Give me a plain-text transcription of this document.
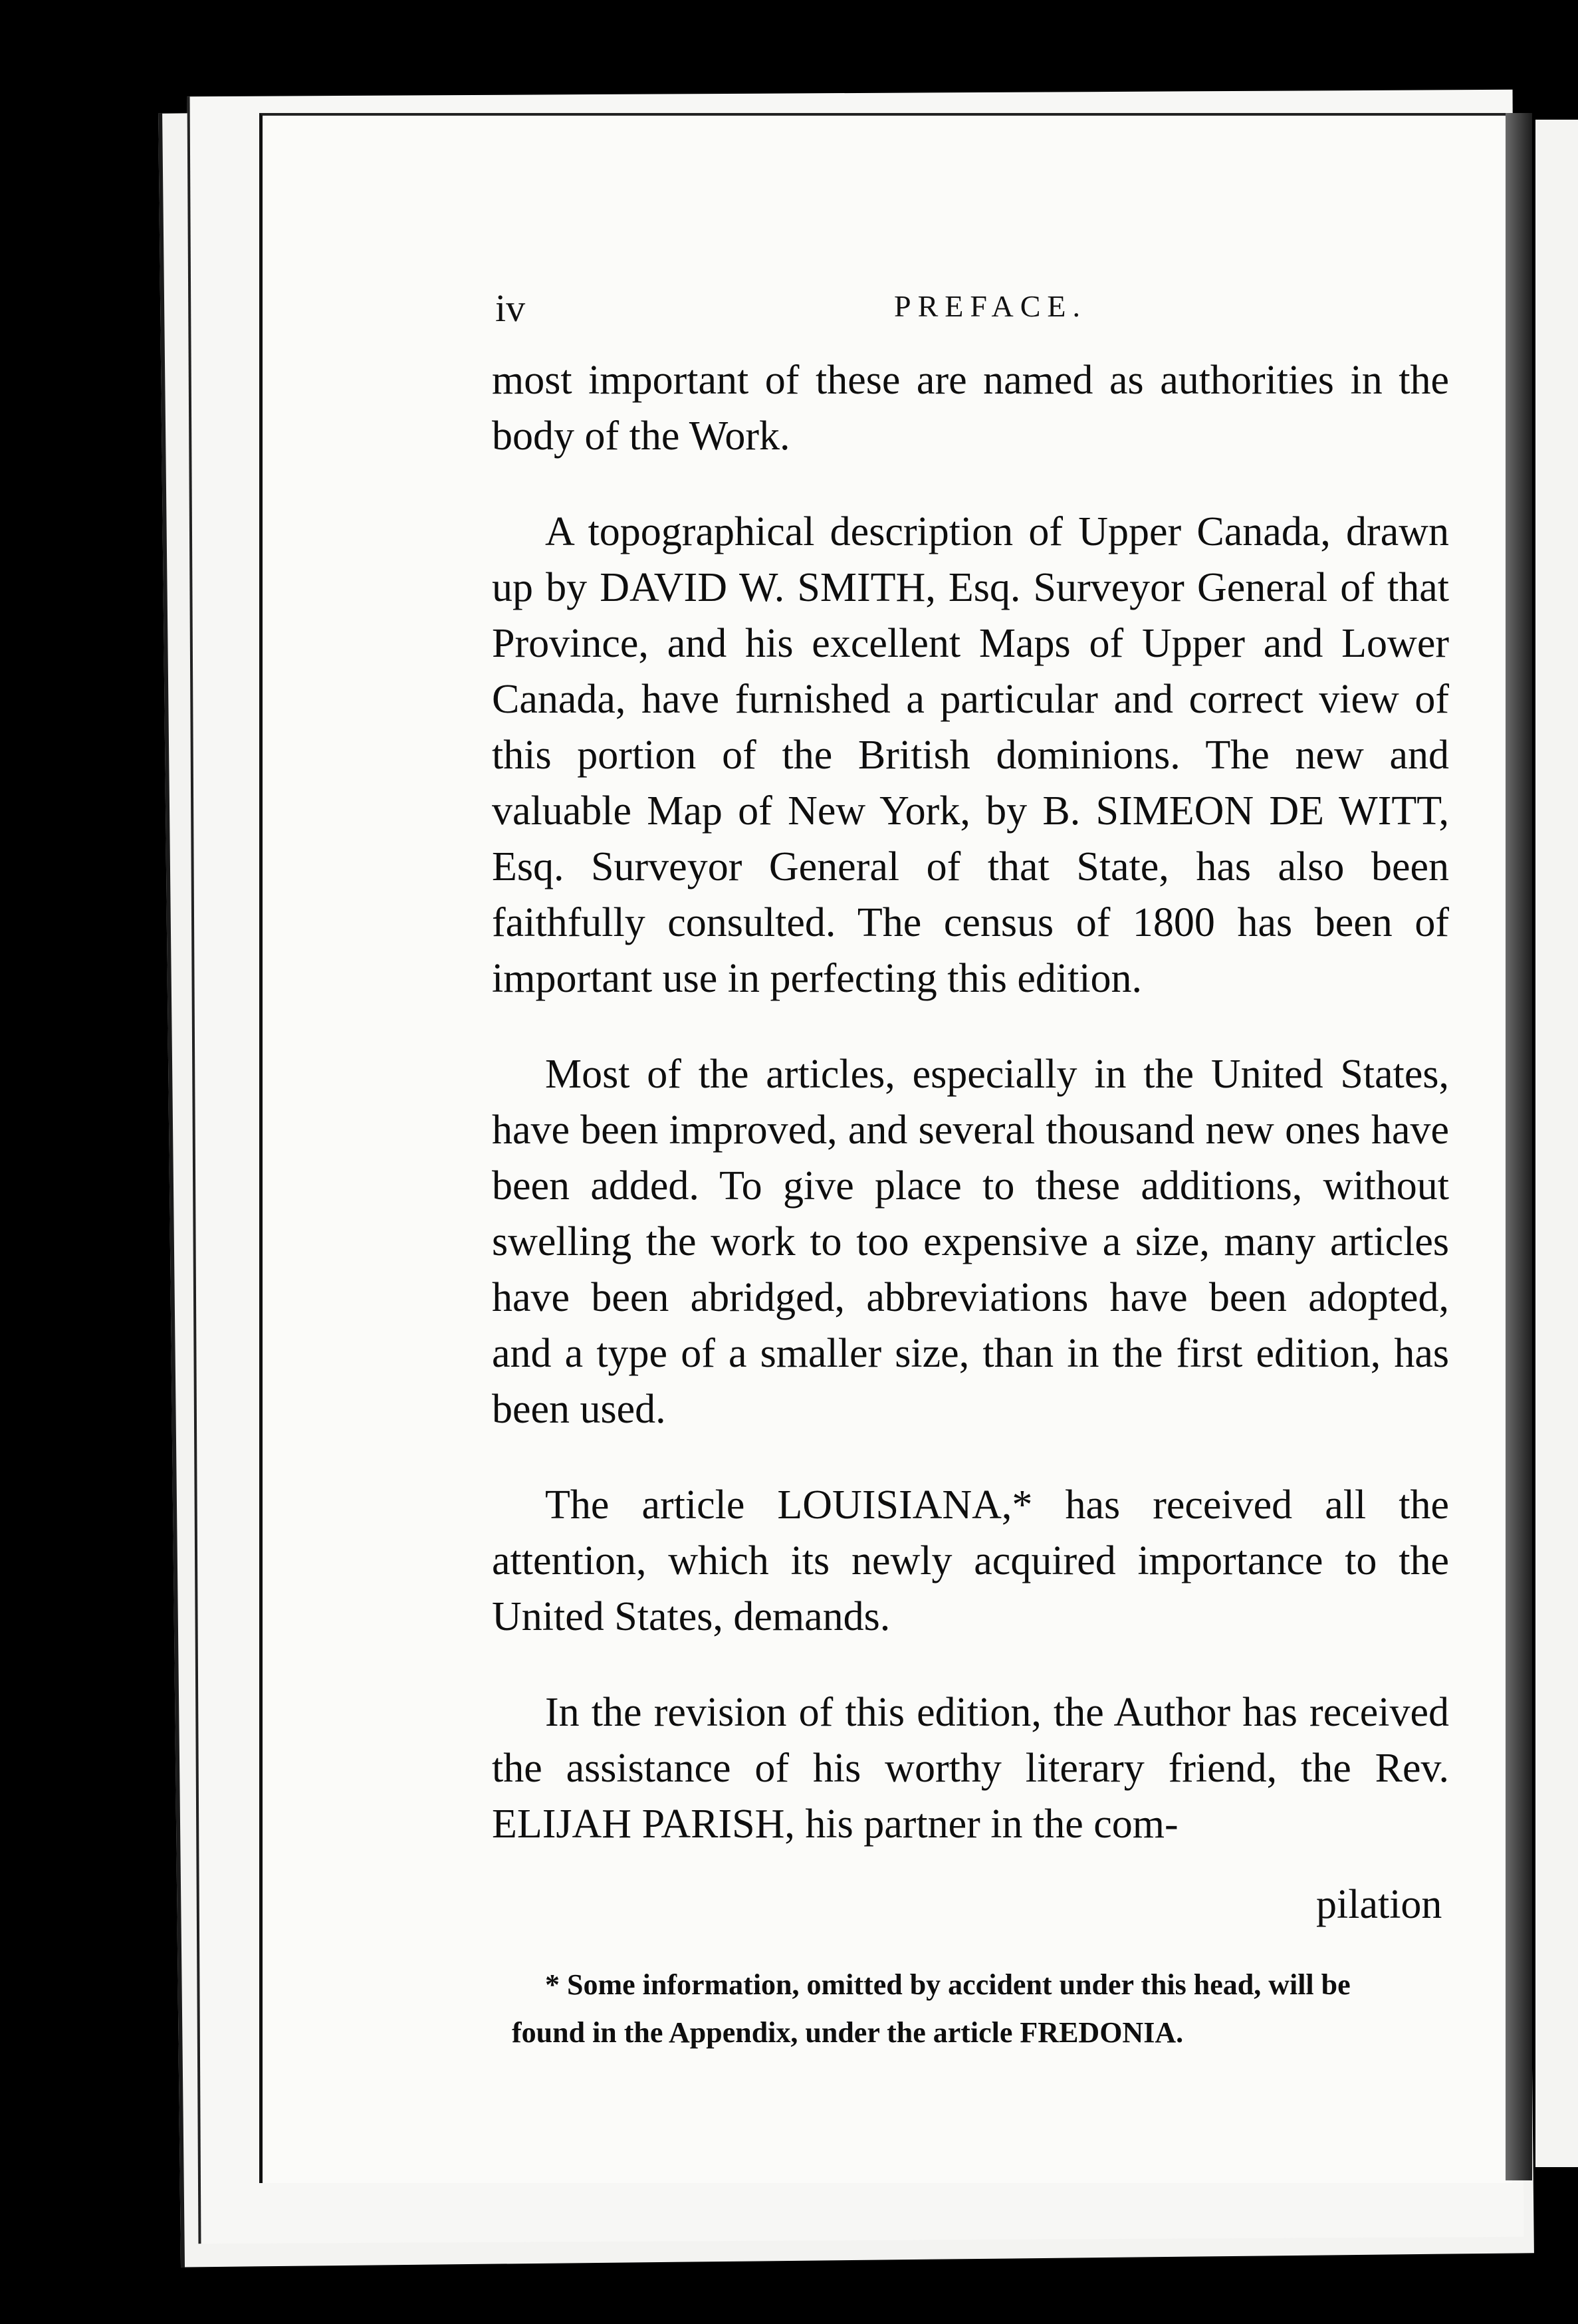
iv	PREFACE.

most important of these are named as authorities in the body of the Work.

A topographical description of Upper Canada, drawn up by DAVID W. SMITH, Esq. Surveyor General of that Province, and his excellent Maps of Upper and Lower Canada, have furnished a particular and correct view of this portion of the British dominions. The new and valuable Map of New York, by B. SIMEON DE WITT, Esq. Surveyor General of that State, has also been faithfully consulted. The census of 1800 has been of important use in perfecting this edition.

Most of the articles, especially in the United States, have been improved, and several thousand new ones have been added. To give place to these additions, without swelling the work to too expensive a size, many articles have been abridged, abbreviations have been adopted, and a type of a smaller size, than in the first edition, has been used.

The article LOUISIANA,* has received all the attention, which its newly acquired importance to the United States, demands.

In the revision of this edition, the Author has received the assistance of his worthy literary friend, the Rev. ELIJAH PARISH, his partner in the com-

pilation
* Some information, omitted by accident under this head, will be
found in the Appendix, under the article FREDONIA.
